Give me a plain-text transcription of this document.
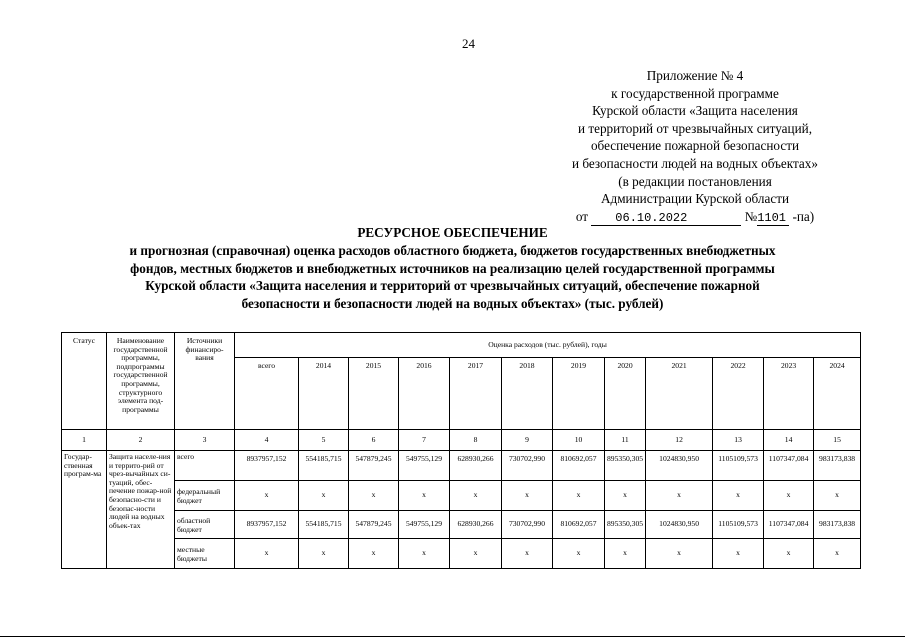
24
Приложение № 4
к государственной программе
Курской области «Защита населения
и территорий от чрезвычайных ситуаций,
обеспечение пожарной безопасности
и безопасности людей на водных объектах»
(в редакции постановления
Администрации Курской области
от 06.10.2022	№1101 -па)
РЕСУРСНОЕ ОБЕСПЕЧЕНИЕ
и прогнозная (справочная) оценка расходов областного бюджета, бюджетов государственных внебюджетных
фондов, местных бюджетов и внебюджетных источников на реализацию целей государственной программы
Курской области «Защита населения и территорий от чрезвычайных ситуаций, обеспечение пожарной
безопасности и безопасности людей на водных объектах» (тыс. рублей)
Статус	Наименование государственной программы, подпрограммы государственной программы, структурного элемента под-программы	Источники финансиро-вания	Оценка расходов (тыс. рублей), годы											
			всего	2014	2015	2016	2017	2018	2019	2020	2021	2022	2023	2024
1	2	3	4	5	6	7	8	9	10	11	12	13	14	15
Государ-ственная програм-ма	Защита населе-ния и террито-рий от чрез-вычайных си-туаций, обес-печение пожар-ной безопасно-сти и безопас-ности людей на водных объек-тах	всего	8937957,152	554185,715	547879,245	549755,129	628930,266	730702,990	810692,057	895350,305	1024830,950	1105109,573	1107347,084	983173,838
		федеральный бюджет	x	x	x	x	x	x	x	x	x	x	x	x
		областной бюджет	8937957,152	554185,715	547879,245	549755,129	628930,266	730702,990	810692,057	895350,305	1024830,950	1105109,573	1107347,084	983173,838
		местные бюджеты	x	x	x	x	x	x	x	x	x	x	x	x
